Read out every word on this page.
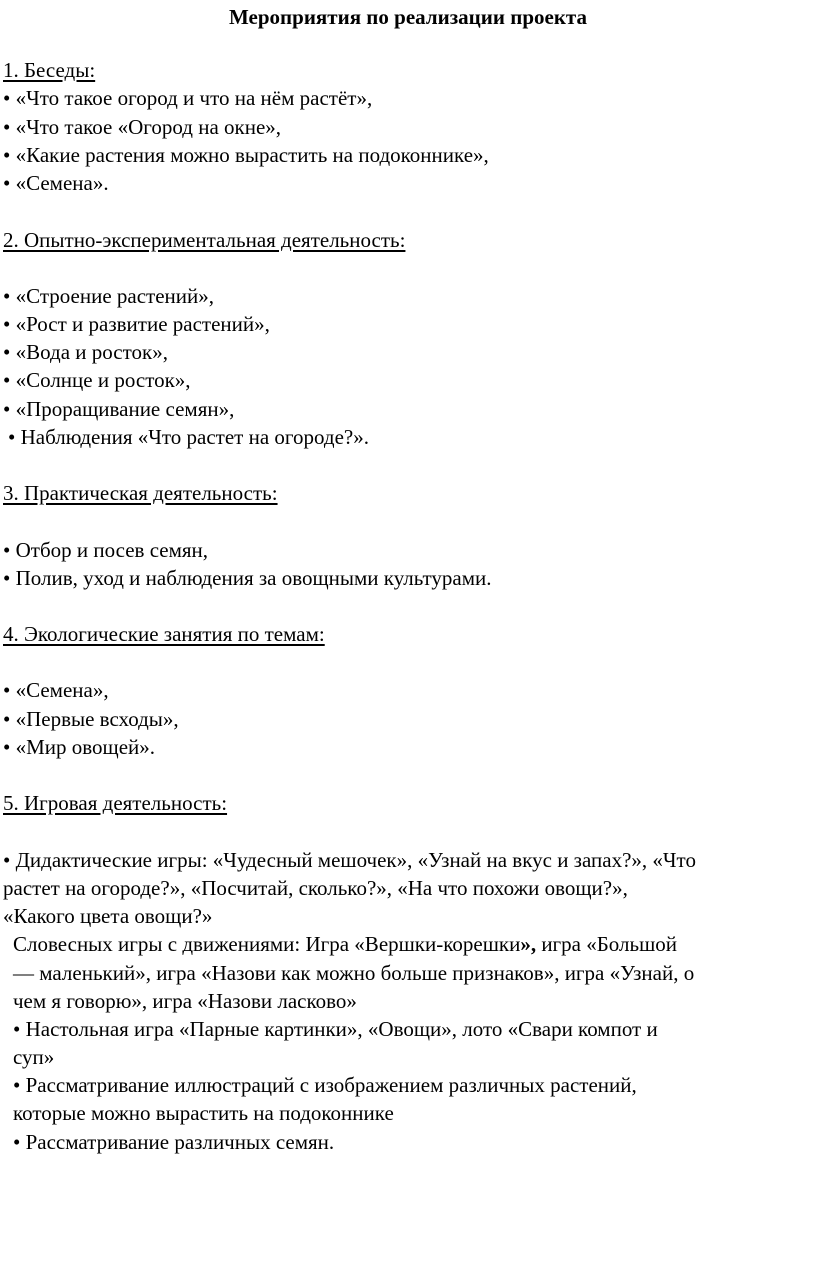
Мероприятия по реализации проекта
1. Беседы:
• «Что такое огород и что на нём растёт»,
• «Что такое «Огород на окне»,
• «Какие растения можно вырастить на подоконнике»,
• «Семена».
2. Опытно-экспериментальная деятельность:
• «Строение растений»,
• «Рост и развитие растений»,
• «Вода и росток»,
• «Солнце и росток»,
• «Проращивание семян»,
• Наблюдения «Что растет на огороде?».
3. Практическая деятельность:
• Отбор и посев семян,
• Полив, уход и наблюдения за овощными культурами.
4. Экологические занятия по темам:
• «Семена»,
• «Первые всходы»,
• «Мир овощей».
5. Игровая деятельность:
• Дидактические игры: «Чудесный мешочек», «Узнай на вкус и запах?», «Что
растет на огороде?», «Посчитай, сколько?», «На что похожи овощи?»,
«Какого цвета овощи?»
Словесных игры с движениями: Игра «Вершки-корешки», игра «Большой
— маленький», игра «Назови как можно больше признаков», игра «Узнай, о
чем я говорю», игра «Назови ласково»
• Настольная игра «Парные картинки», «Овощи», лото «Свари компот и
суп»
• Рассматривание иллюстраций с изображением различных растений,
которые можно вырастить на подоконнике
• Рассматривание различных семян.
